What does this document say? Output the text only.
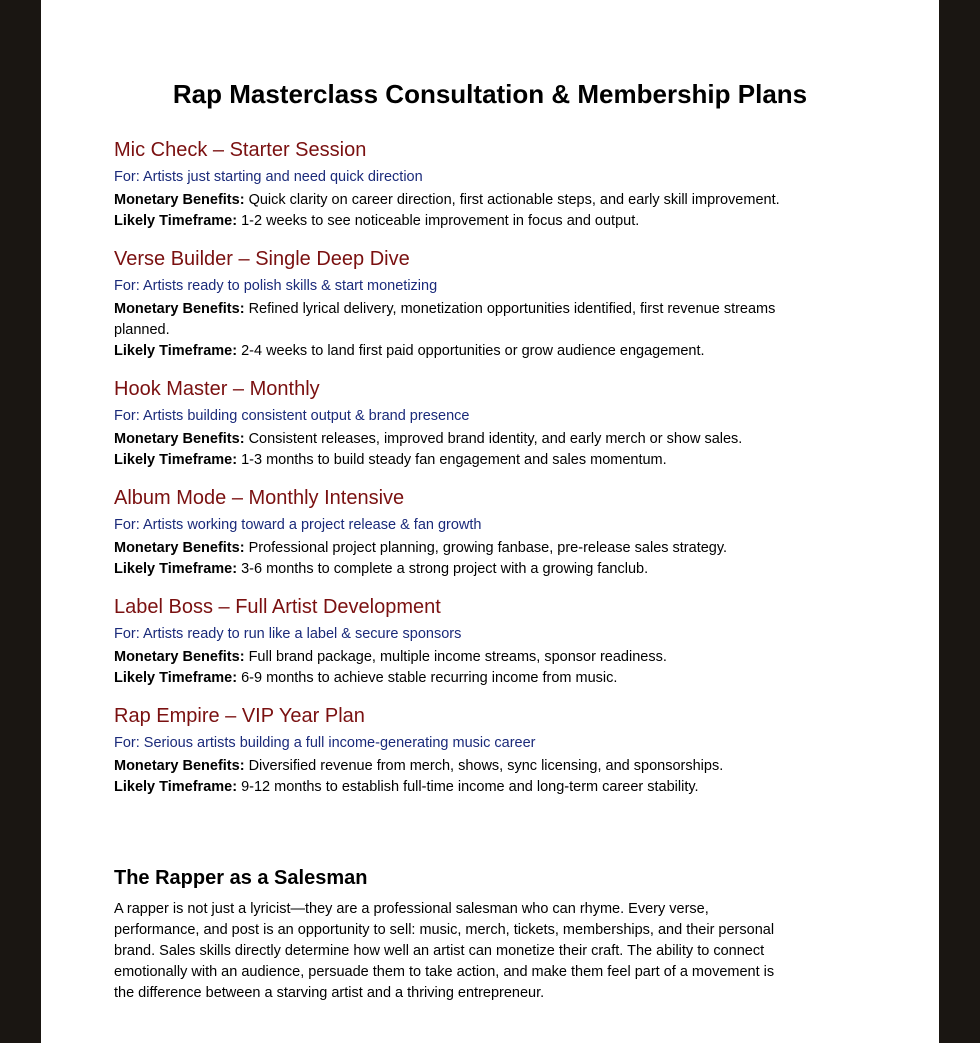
Rap Masterclass Consultation & Membership Plans
Mic Check – Starter Session

For: Artists just starting and need quick direction

Monetary Benefits: Quick clarity on career direction, first actionable steps, and early skill improvement.

Likely Timeframe: 1-2 weeks to see noticeable improvement in focus and output.

Verse Builder – Single Deep Dive

For: Artists ready to polish skills & start monetizing

Monetary Benefits: Refined lyrical delivery, monetization opportunities identified, first revenue streams planned.

Likely Timeframe: 2-4 weeks to land first paid opportunities or grow audience engagement.

Hook Master – Monthly

For: Artists building consistent output & brand presence

Monetary Benefits: Consistent releases, improved brand identity, and early merch or show sales.

Likely Timeframe: 1-3 months to build steady fan engagement and sales momentum.

Album Mode – Monthly Intensive

For: Artists working toward a project release & fan growth

Monetary Benefits: Professional project planning, growing fanbase, pre-release sales strategy.

Likely Timeframe: 3-6 months to complete a strong project with a growing fanclub.

Label Boss – Full Artist Development

For: Artists ready to run like a label & secure sponsors

Monetary Benefits: Full brand package, multiple income streams, sponsor readiness.

Likely Timeframe: 6-9 months to achieve stable recurring income from music.

Rap Empire – VIP Year Plan

For: Serious artists building a full income-generating music career

Monetary Benefits: Diversified revenue from merch, shows, sync licensing, and sponsorships.

Likely Timeframe: 9-12 months to establish full-time income and long-term career stability.

The Rapper as a Salesman

A rapper is not just a lyricist—they are a professional salesman who can rhyme. Every verse, performance, and post is an opportunity to sell: music, merch, tickets, memberships, and their personal brand. Sales skills directly determine how well an artist can monetize their craft. The ability to connect emotionally with an audience, persuade them to take action, and make them feel part of a movement is the difference between a starving artist and a thriving entrepreneur.
